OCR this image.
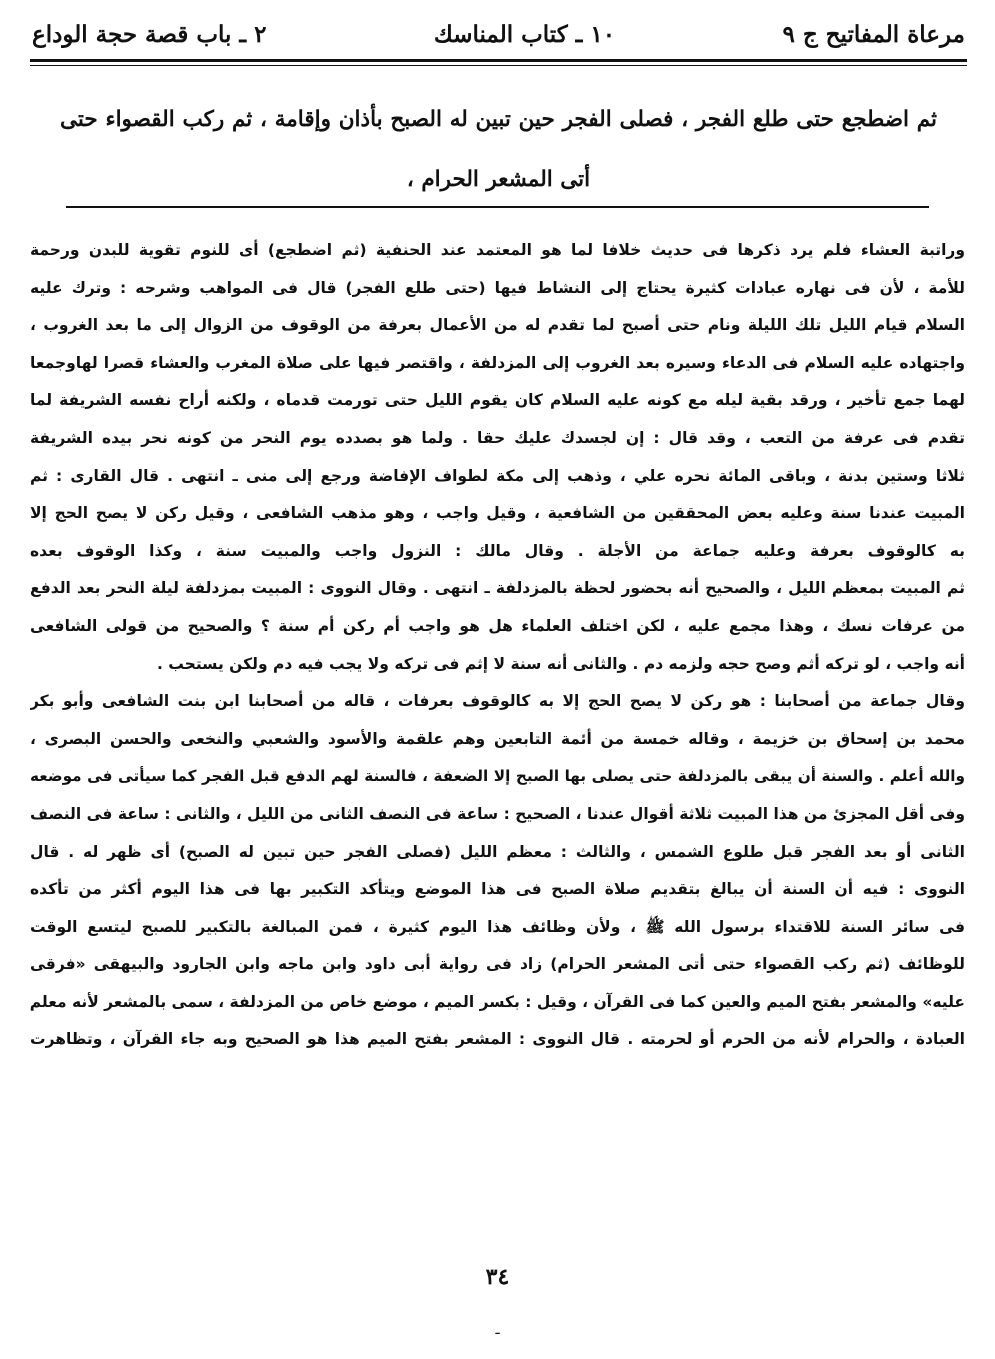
مرعاة المفاتيح ج ٩
١٠ ـ كتاب المناسك
٢ ـ باب قصة حجة الوداع
ثم اضطجع حتى طلع الفجر ، فصلى الفجر حين تبين له الصبح بأذان وإقامة ، ثم ركب القصواء حتى أتى المشعر الحرام ،
وراتبة العشاء فلم يرد ذكرها فى حديث خلافا لما هو المعتمد عند الحنفية (ثم اضطجع) أى للنوم تقوية للبدن ورحمة
للأمة ، لأن فى نهاره عبادات كثيرة يحتاج إلى النشاط فيها (حتى طلع الفجر) قال فى المواهب وشرحه : وترك عليه
السلام قيام الليل تلك الليلة ونام حتى أصبح لما تقدم له من الأعمال بعرفة من الوقوف من الزوال إلى ما بعد الغروب ،
واجتهاده عليه السلام فى الدعاء وسيره بعد الغروب إلى المزدلفة ، واقتصر فيها على صلاة المغرب والعشاء قصرا لهاوجمعا
لهما جمع تأخير ، ورقد بقية ليله مع كونه عليه السلام كان يقوم الليل حتى تورمت قدماه ، ولكنه أراح نفسه الشريفة لما
تقدم فى عرفة من التعب ، وقد قال : إن لجسدك عليك حقا . ولما هو بصدده يوم النحر من كونه نحر بيده الشريفة
ثلاثا وستين بدنة ، وباقى المائة نحره علي ، وذهب إلى مكة لطواف الإفاضة ورجع إلى منى ـ انتهى . قال القارى : ثم
المبيت عندنا سنة وعليه بعض المحققين من الشافعية ، وقيل واجب ، وهو مذهب الشافعى ، وقيل ركن لا يصح الحج إلا
به كالوقوف بعرفة وعليه جماعة من الأجلة . وقال مالك : النزول واجب والمبيت سنة ، وكذا الوقوف بعده
ثم المبيت بمعظم الليل ، والصحيح أنه بحضور لحظة بالمزدلفة ـ انتهى . وقال النووى : المبيت بمزدلفة ليلة النحر بعد الدفع
من عرفات نسك ، وهذا مجمع عليه ، لكن اختلف العلماء هل هو واجب أم ركن أم سنة ؟ والصحيح من قولى الشافعى
أنه واجب ، لو تركه أثم وصح حجه ولزمه دم . والثانى أنه سنة لا إثم فى تركه ولا يجب فيه دم ولكن يستحب .
وقال جماعة من أصحابنا : هو ركن لا يصح الحج إلا به كالوقوف بعرفات ، قاله من أصحابنا ابن بنت الشافعى وأبو بكر
محمد بن إسحاق بن خزيمة ، وقاله خمسة من أئمة التابعين وهم علقمة والأسود والشعبي والنخعى والحسن البصرى ،
والله أعلم . والسنة أن يبقى بالمزدلفة حتى يصلى بها الصبح إلا الضعفة ، فالسنة لهم الدفع قبل الفجر كما سيأتى فى موضعه
وفى أقل المجزئ من هذا المبيت ثلاثة أقوال عندنا ، الصحيح : ساعة فى النصف الثانى من الليل ، والثانى : ساعة فى النصف
الثانى أو بعد الفجر قبل طلوع الشمس ، والثالث : معظم الليل (فصلى الفجر حين تبين له الصبح) أى ظهر له . قال
النووى : فيه أن السنة أن يبالغ بتقديم صلاة الصبح فى هذا الموضع ويتأكد التكبير بها فى هذا اليوم أكثر من تأكده
فى سائر السنة للاقتداء برسول الله ﷺ ، ولأن وظائف هذا اليوم كثيرة ، فمن المبالغة بالتكبير للصبح ليتسع الوقت
للوظائف (ثم ركب القصواء حتى أتى المشعر الحرام) زاد فى رواية أبى داود وابن ماجه وابن الجارود والبيهقى «فرقى
عليه» والمشعر بفتح الميم والعين كما فى القرآن ، وقيل : بكسر الميم ، موضع خاص من المزدلفة ، سمى بالمشعر لأنه معلم
العبادة ، والحرام لأنه من الحرم أو لحرمته . قال النووى : المشعر بفتح الميم هذا هو الصحيح وبه جاء القرآن ، وتظاهرت
٣٤
ـ
